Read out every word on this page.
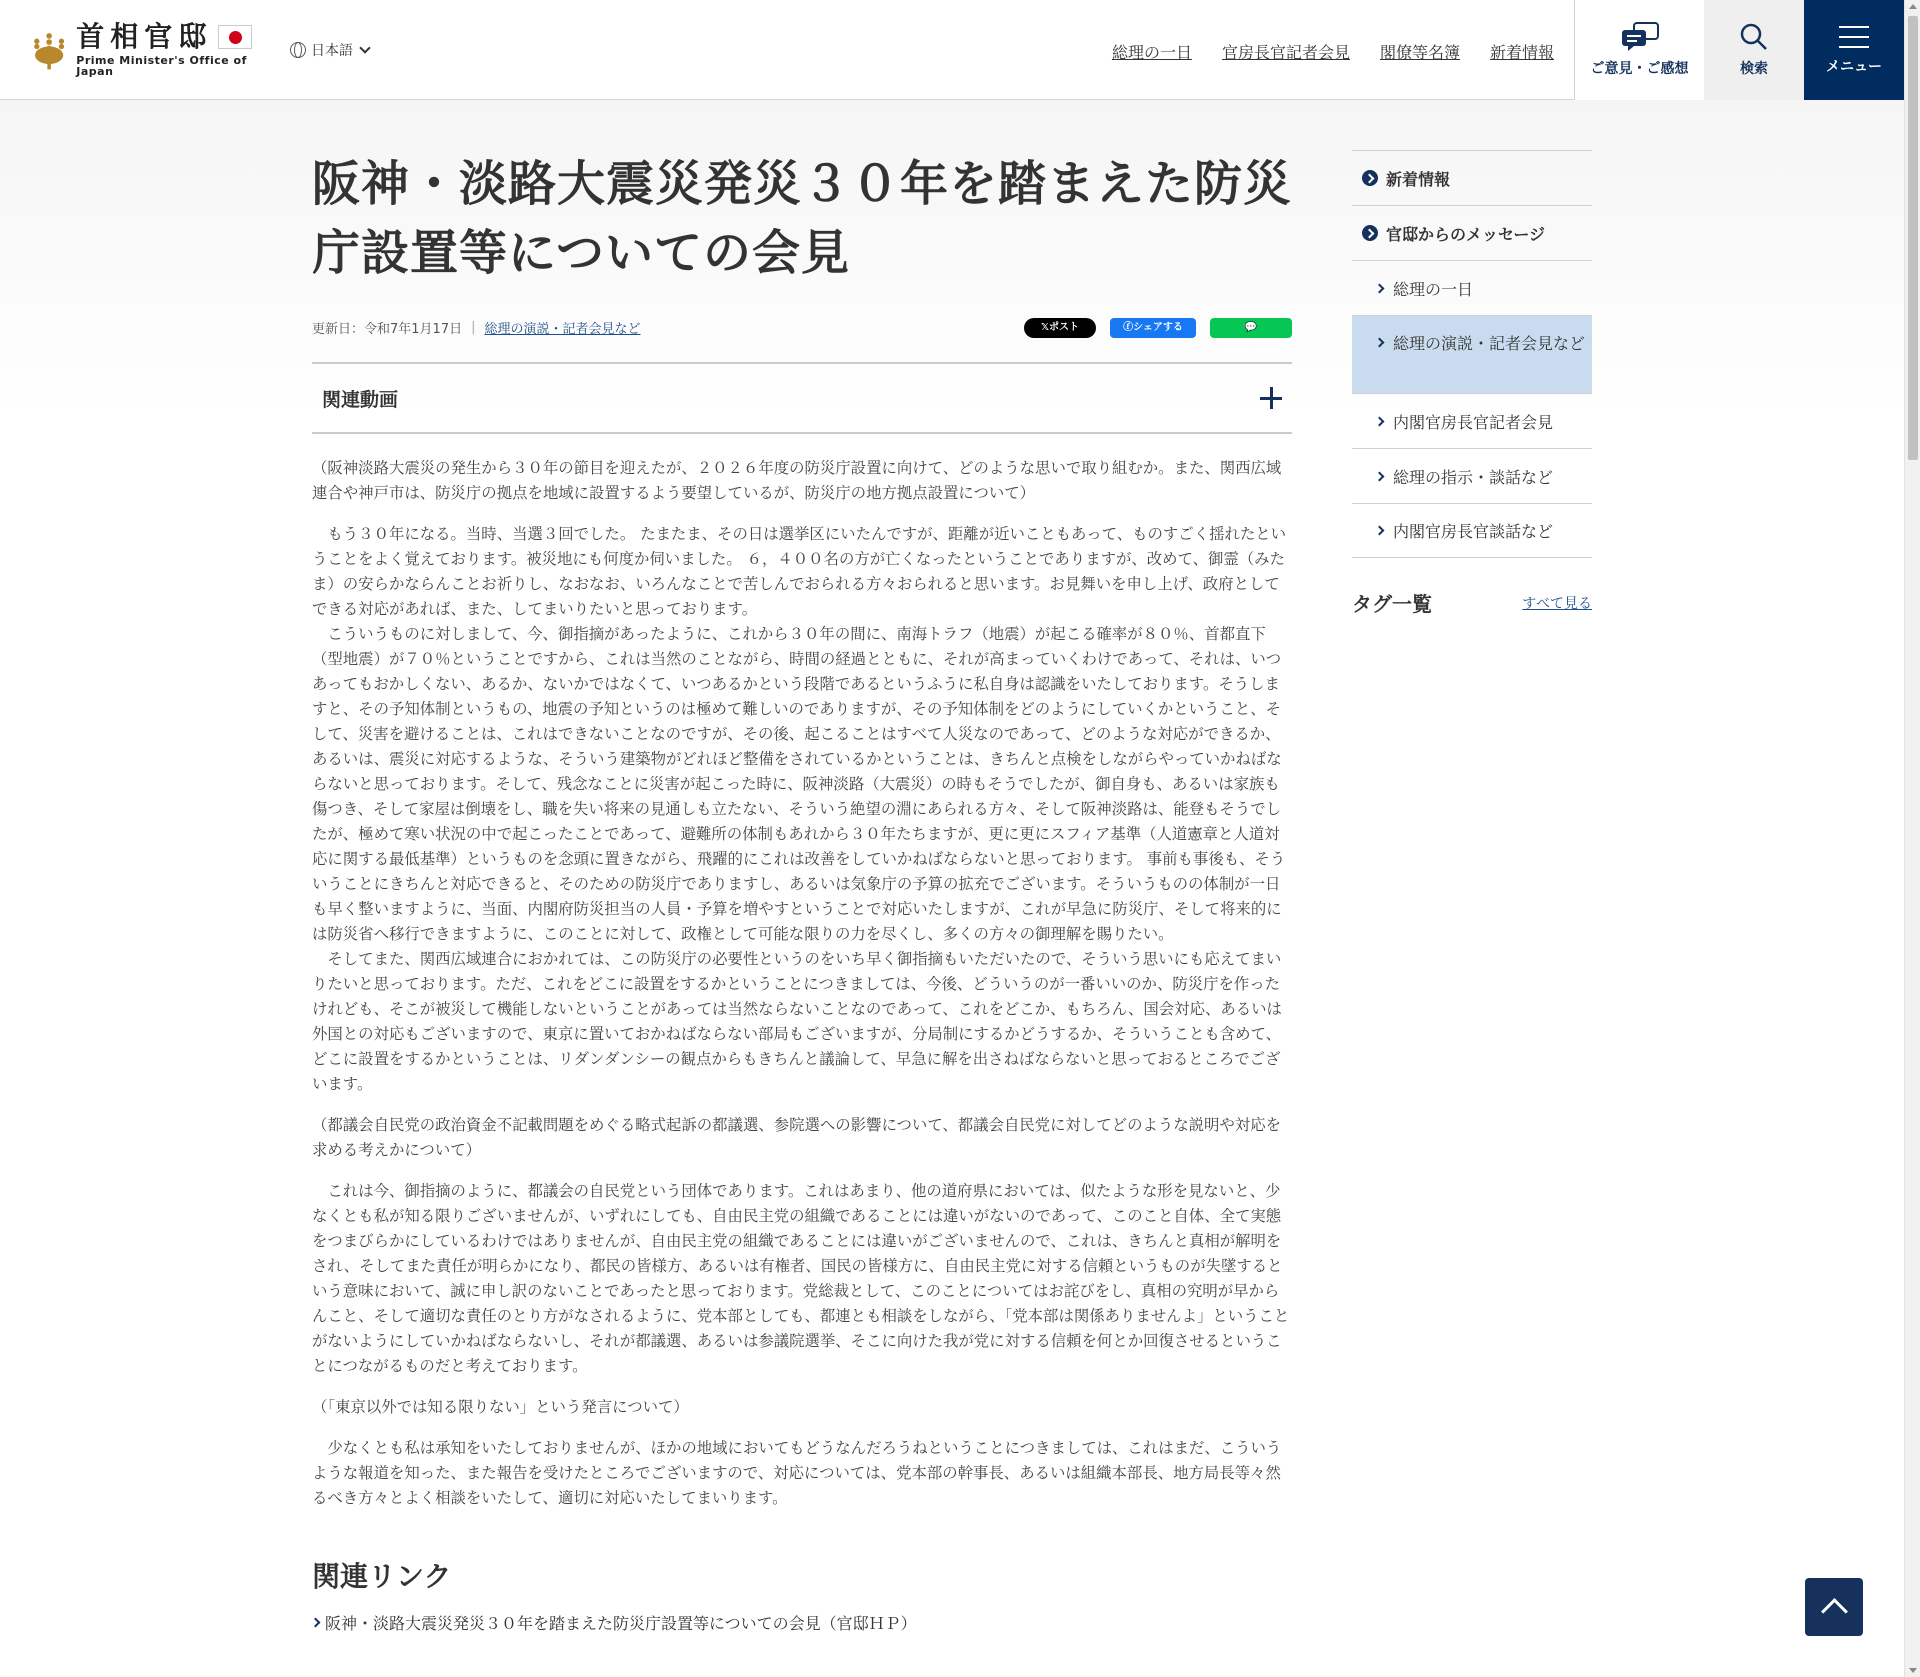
首相官邸
Prime Minister's Office of Japan
日本語	総理の一日 官房長官記者会見 閣僚等名簿 新着情報
ご意見・ご感想	検索	メニュー
阪神・淡路大震災発災３０年を踏まえた防災庁設置等についての会見
更新日：令和7年1月17日 | 総理の演説・記者会見など	𝕏ポスト	ⓕシェアする	💬LINEで送る
関連動画

（阪神淡路大震災の発生から３０年の節目を迎えたが、２０２６年度の防災庁設置に向けて、どのような思いで取り組むか。また、関西広域連合や神戸市は、防災庁の拠点を地域に設置するよう要望しているが、防災庁の地方拠点設置について）

　もう３０年になる。当時、当選３回でした。 たまたま、その日は選挙区にいたんですが、距離が近いこともあって、ものすごく揺れたということをよく覚えております。被災地にも何度か伺いました。 ６，４００名の方が亡くなったということでありますが、改めて、御霊（みたま）の安らかならんことお祈りし、なおなお、いろんなことで苦しんでおられる方々おられると思います。お見舞いを申し上げ、政府としてできる対応があれば、また、してまいりたいと思っております。

　こういうものに対しまして、今、御指摘があったように、これから３０年の間に、南海トラフ（地震）が起こる確率が８０％、首都直下（型地震）が７０％ということですから、これは当然のことながら、時間の経過とともに、それが高まっていくわけであって、それは、いつあってもおかしくない、あるか、ないかではなくて、いつあるかという段階であるというふうに私自身は認識をいたしております。そうしますと、その予知体制というもの、地震の予知というのは極めて難しいのでありますが、その予知体制をどのようにしていくかということ、そして、災害を避けることは、これはできないことなのですが、その後、起こることはすべて人災なのであって、どのような対応ができるか、あるいは、震災に対応するような、そういう建築物がどれほど整備をされているかということは、きちんと点検をしながらやっていかねばならないと思っております。そして、残念なことに災害が起こった時に、阪神淡路（大震災）の時もそうでしたが、御自身も、あるいは家族も傷つき、そして家屋は倒壊をし、職を失い将来の見通しも立たない、そういう絶望の淵にあられる方々、そして阪神淡路は、能登もそうでしたが、極めて寒い状況の中で起こったことであって、避難所の体制もあれから３０年たちますが、更に更にスフィア基準（人道憲章と人道対応に関する最低基準）というものを念頭に置きながら、飛躍的にこれは改善をしていかねばならないと思っております。 事前も事後も、そういうことにきちんと対応できると、そのための防災庁でありますし、あるいは気象庁の予算の拡充でございます。そういうものの体制が一日も早く整いますように、当面、内閣府防災担当の人員・予算を増やすということで対応いたしますが、これが早急に防災庁、そして将来的には防災省へ移行できますように、このことに対して、政権として可能な限りの力を尽くし、多くの方々の御理解を賜りたい。

　そしてまた、関西広域連合におかれては、この防災庁の必要性というのをいち早く御指摘もいただいたので、そういう思いにも応えてまいりたいと思っております。ただ、これをどこに設置をするかということにつきましては、今後、どういうのが一番いいのか、防災庁を作ったけれども、そこが被災して機能しないということがあっては当然ならないことなのであって、これをどこか、もちろん、国会対応、あるいは外国との対応もございますので、東京に置いておかねばならない部局もございますが、分局制にするかどうするか、そういうことも含めて、どこに設置をするかということは、リダンダンシーの観点からもきちんと議論して、早急に解を出さねばならないと思っておるところでございます。

（都議会自民党の政治資金不記載問題をめぐる略式起訴の都議選、参院選への影響について、都議会自民党に対してどのような説明や対応を求める考えかについて）

　これは今、御指摘のように、都議会の自民党という団体であります。これはあまり、他の道府県においては、似たような形を見ないと、少なくとも私が知る限りございませんが、いずれにしても、自由民主党の組織であることには違いがないのであって、このこと自体、全て実態をつまびらかにしているわけではありませんが、自由民主党の組織であることには違いがございませんので、これは、きちんと真相が解明をされ、そしてまた責任が明らかになり、都民の皆様方、あるいは有権者、国民の皆様方に、自由民主党に対する信頼というものが失墜するという意味において、誠に申し訳のないことであったと思っております。党総裁として、このことについてはお詫びをし、真相の究明が早からんこと、そして適切な責任のとり方がなされるように、党本部としても、都連とも相談をしながら、「党本部は関係ありませんよ」ということがないようにしていかねばならないし、それが都議選、あるいは参議院選挙、そこに向けた我が党に対する信頼を何とか回復させるということにつながるものだと考えております。

（「東京以外では知る限りない」という発言について）

　少なくとも私は承知をいたしておりませんが、ほかの地域においてもどうなんだろうねということにつきましては、これはまだ、こういうような報道を知った、また報告を受けたところでございますので、対応については、党本部の幹事長、あるいは組織本部長、地方局長等々然るべき方々とよく相談をいたして、適切に対応いたしてまいります。

関連リンク
阪神・淡路大震災発災３０年を踏まえた防災庁設置等についての会見（官邸ＨＰ）
新着情報
官邸からのメッセージ
総理の一日
総理の演説・記者会見など
内閣官房長官記者会見
総理の指示・談話など
内閣官房長官談話など
タグ一覧	すべて見る
